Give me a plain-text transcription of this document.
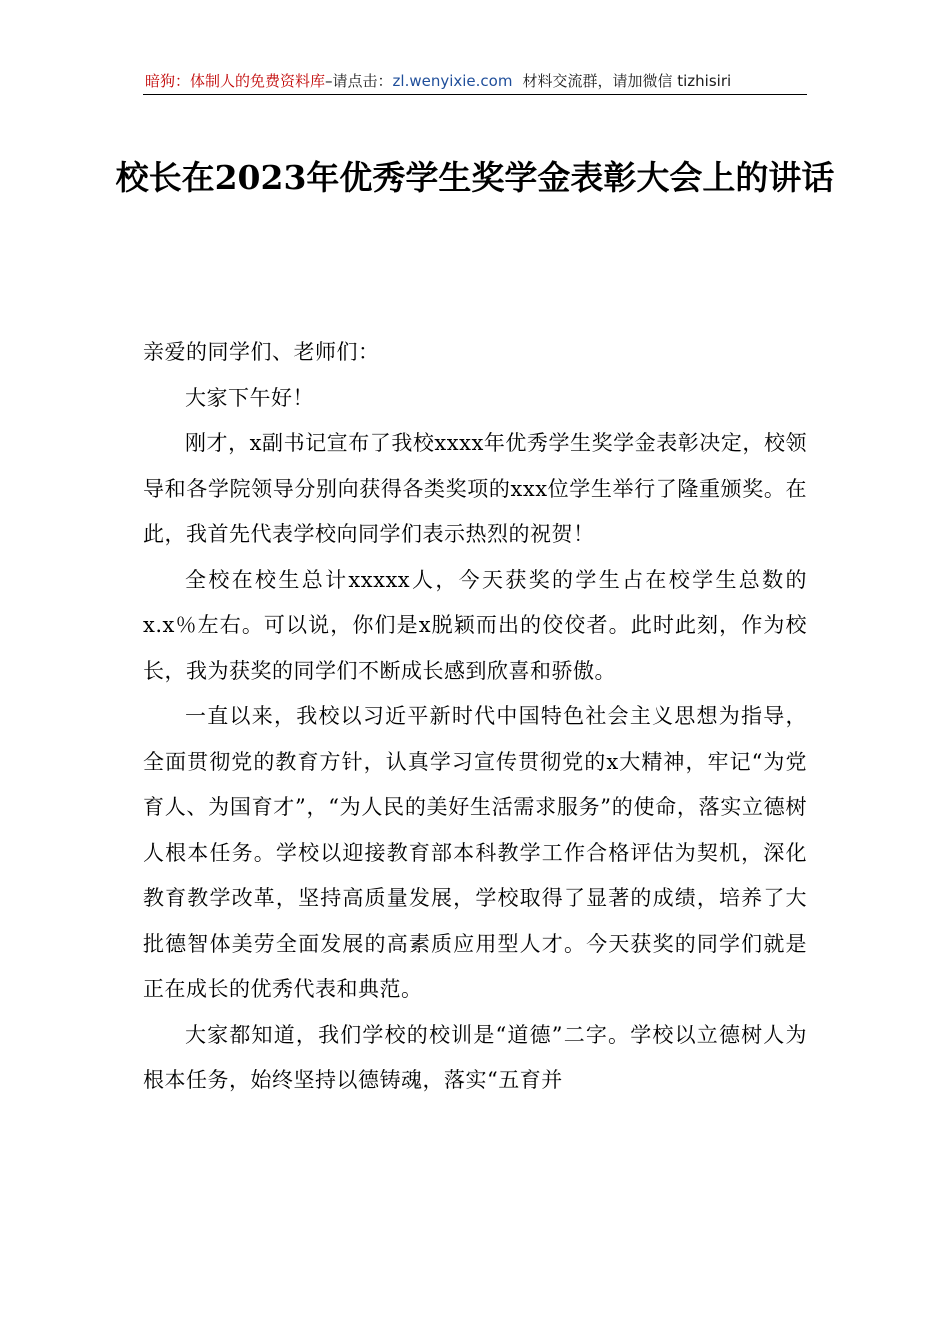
暗狗：体制人的免费资料库–请点击：zl.wenyixie.com 材料交流群，请加微信 tizhisiri
校长在2023年优秀学生奖学金表彰大会上的讲话

亲爱的同学们、老师们：

大家下午好！

刚才，x副书记宣布了我校xxxx年优秀学生奖学金表彰决定，校领导和各学院领导分别向获得各类奖项的xxx位学生举行了隆重颁奖。在此，我首先代表学校向同学们表示热烈的祝贺！

全校在校生总计xxxxx人，今天获奖的学生占在校学生总数的x.x％左右。可以说，你们是x脱颖而出的佼佼者。此时此刻，作为校长，我为获奖的同学们不断成长感到欣喜和骄傲。

一直以来，我校以习近平新时代中国特色社会主义思想为指导，全面贯彻党的教育方针，认真学习宣传贯彻党的x大精神，牢记“为党育人、为国育才”，“为人民的美好生活需求服务”的使命，落实立德树人根本任务。学校以迎接教育部本科教学工作合格评估为契机，深化教育教学改革，坚持高质量发展，学校取得了显著的成绩，培养了大批德智体美劳全面发展的高素质应用型人才。今天获奖的同学们就是正在成长的优秀代表和典范。

大家都知道，我们学校的校训是“道德”二字。学校以立德树人为根本任务，始终坚持以德铸魂，落实“五育并
